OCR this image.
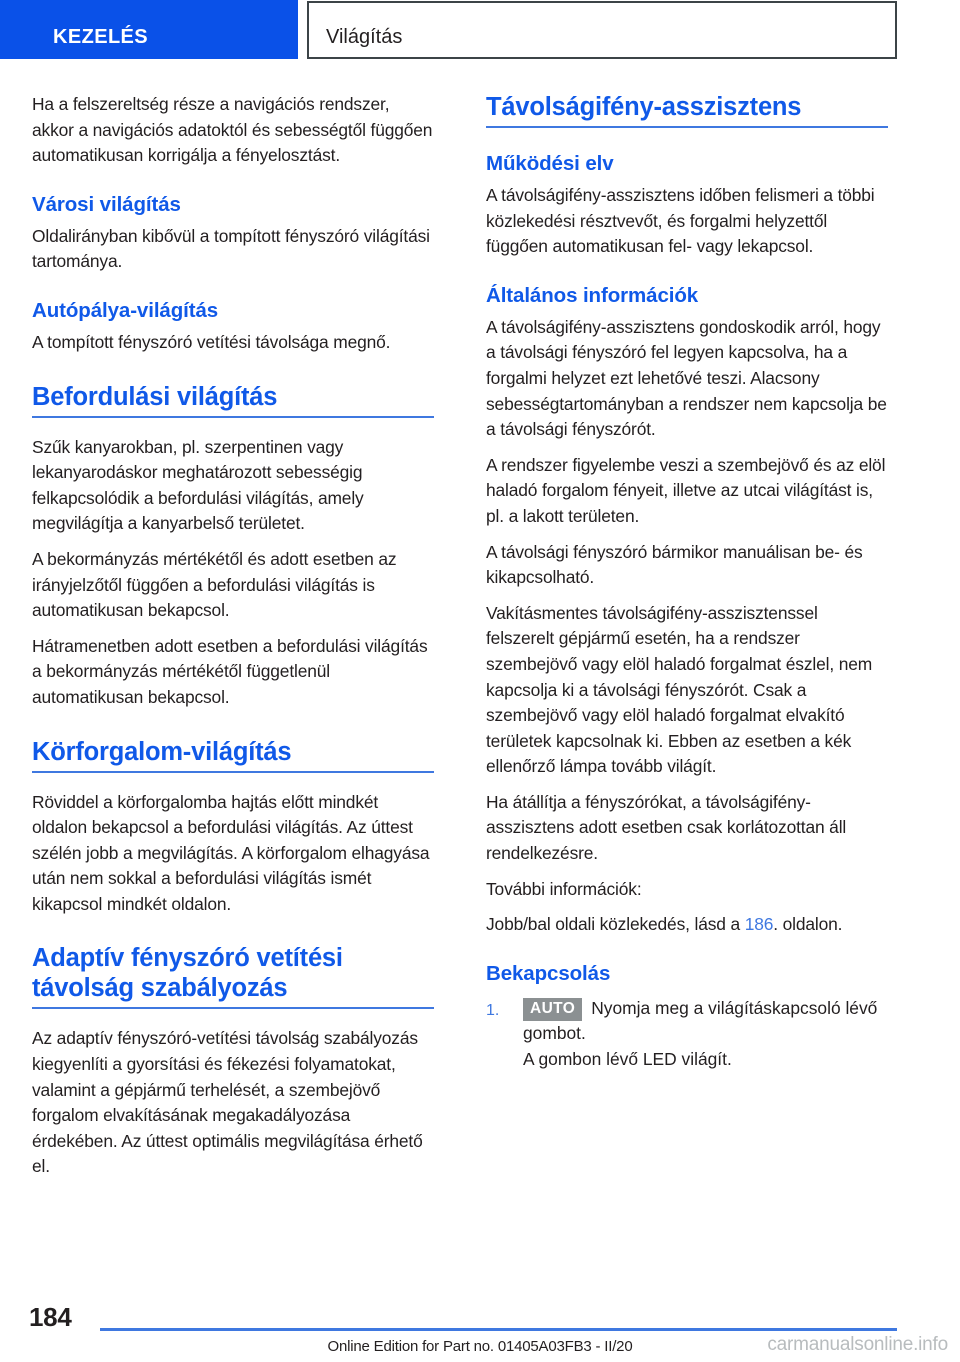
KEZELÉS	Világítás

Ha a felszereltség része a navigációs rendszer, akkor a navigációs adatoktól és sebességtől függően automatikusan korrigálja a fényelosztást.

Városi világítás

Oldalirányban kibővül a tompított fényszóró világítási tartománya.

Autópálya-világítás

A tompított fényszóró vetítési távolsága megnő.

Befordulási világítás

Szűk kanyarokban, pl. szerpentinen vagy lekanyarodáskor meghatározott sebességig felkapcsolódik a befordulási világítás, amely megvilágítja a kanyarbelső területet.

A bekormányzás mértékétől és adott esetben az irányjelzőtől függően a befordulási világítás is automatikusan bekapcsol.

Hátramenetben adott esetben a befordulási világítás a bekormányzás mértékétől függetlenül automatikusan bekapcsol.

Körforgalom-világítás

Röviddel a körforgalomba hajtás előtt mindkét oldalon bekapcsol a befordulási világítás. Az úttest szélén jobb a megvilágítás. A körforgalom elhagyása után nem sokkal a befordulási világítás ismét kikapcsol mindkét oldalon.

Adaptív fényszóró vetítési távolság szabályozás

Az adaptív fényszóró-vetítési távolság szabályozás kiegyenlíti a gyorsítási és fékezési folyamatokat, valamint a gépjármű terhelését, a szembejövő forgalom elvakításának megakadályozása érdekében. Az úttest optimális megvilágítása érhető el.

Távolságifény-asszisztens
Működési elv

A távolságifény-asszisztens időben felismeri a többi közlekedési résztvevőt, és forgalmi helyzettől függően automatikusan fel- vagy lekapcsol.

Általános információk

A távolságifény-asszisztens gondoskodik arról, hogy a távolsági fényszóró fel legyen kapcsolva, ha a forgalmi helyzet ezt lehetővé teszi. Alacsony sebességtartományban a rendszer nem kapcsolja be a távolsági fényszórót.

A rendszer figyelembe veszi a szembejövő és az elöl haladó forgalom fényeit, illetve az utcai világítást is, pl. a lakott területen.

A távolsági fényszóró bármikor manuálisan be- és kikapcsolható.

Vakításmentes távolságifény-asszisztenssel felszerelt gépjármű esetén, ha a rendszer szembejövő vagy elöl haladó forgalmat észlel, nem kapcsolja ki a távolsági fényszórót. Csak a szembejövő vagy elöl haladó forgalmat elvakító területek kapcsolnak ki. Ebben az esetben a kék ellenőrző lámpa tovább világít.

Ha átállítja a fényszórókat, a távolságifény-asszisztens adott esetben csak korlátozottan áll rendelkezésre.

További információk:

Jobb/bal oldali közlekedés, lásd a 186. oldalon.

Bekapcsolás
1. AUTO Nyomja meg a világításkapcsoló lévő gombot.
A gombon lévő LED világít.
184
Online Edition for Part no. 01405A03FB3 - II/20	carmanualsonline.info
